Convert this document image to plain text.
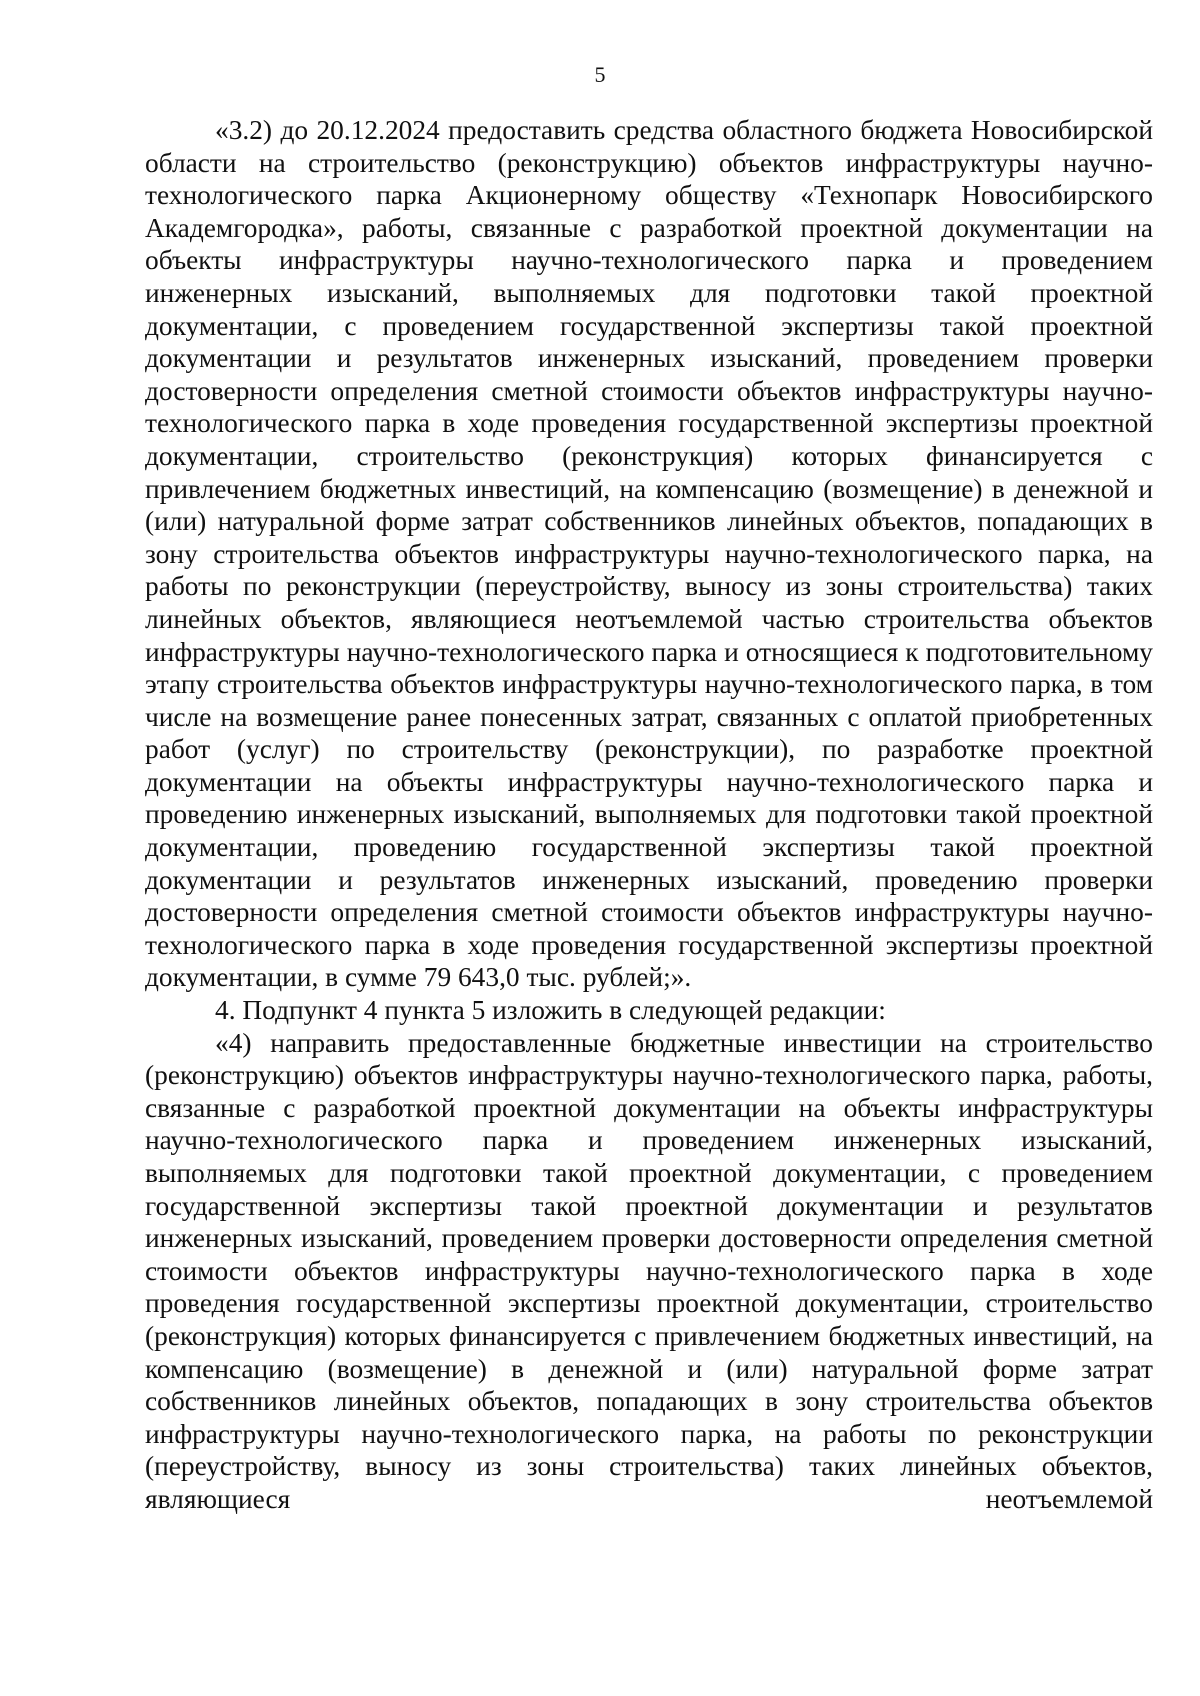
5

«3.2) до 20.12.2024 предоставить средства областного бюджета Новосибирской области на строительство (реконструкцию) объектов инфраструктуры научно-технологического парка Акционерному обществу «Технопарк Новосибирского Академгородка», работы, связанные с разработкой проектной документации на объекты инфраструктуры научно-технологического парка и проведением инженерных изысканий, выполняемых для подготовки такой проектной документации, с проведением государственной экспертизы такой проектной документации и результатов инженерных изысканий, проведением проверки достоверности определения сметной стоимости объектов инфраструктуры научно-технологического парка в ходе проведения государственной экспертизы проектной документации, строительство (реконструкция) которых финансируется с привлечением бюджетных инвестиций, на компенсацию (возмещение) в денежной и (или) натуральной форме затрат собственников линейных объектов, попадающих в зону строительства объектов инфраструктуры научно-технологического парка, на работы по реконструкции (переустройству, выносу из зоны строительства) таких линейных объектов, являющиеся неотъемлемой частью строительства объектов инфраструктуры научно-технологического парка и относящиеся к подготовительному этапу строительства объектов инфраструктуры научно-технологического парка, в том числе на возмещение ранее понесенных затрат, связанных с оплатой приобретенных работ (услуг) по строительству (реконструкции), по разработке проектной документации на объекты инфраструктуры научно-технологического парка и проведению инженерных изысканий, выполняемых для подготовки такой проектной документации, проведению государственной экспертизы такой проектной документации и результатов инженерных изысканий, проведению проверки достоверности определения сметной стоимости объектов инфраструктуры научно-технологического парка в ходе проведения государственной экспертизы проектной документации, в сумме 79 643,0 тыс. рублей;».

4. Подпункт 4 пункта 5 изложить в следующей редакции:

«4) направить предоставленные бюджетные инвестиции на строительство (реконструкцию) объектов инфраструктуры научно-технологического парка, работы, связанные с разработкой проектной документации на объекты инфраструктуры научно-технологического парка и проведением инженерных изысканий, выполняемых для подготовки такой проектной документации, с проведением государственной экспертизы такой проектной документации и результатов инженерных изысканий, проведением проверки достоверности определения сметной стоимости объектов инфраструктуры научно-технологического парка в ходе проведения государственной экспертизы проектной документации, строительство (реконструкция) которых финансируется с привлечением бюджетных инвестиций, на компенсацию (возмещение) в денежной и (или) натуральной форме затрат собственников линейных объектов, попадающих в зону строительства объектов инфраструктуры научно-технологического парка, на работы по реконструкции (переустройству, выносу из зоны строительства) таких линейных объектов, являющиеся неотъемлемой
